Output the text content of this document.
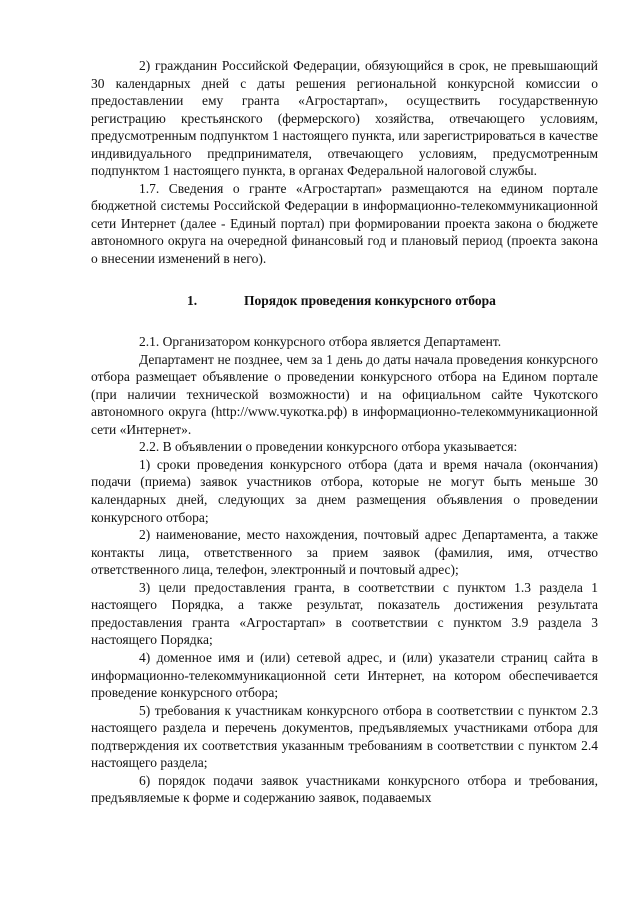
2) гражданин Российской Федерации, обязующийся в срок, не превышающий 30 календарных дней с даты решения региональной конкурсной комиссии о предоставлении ему гранта «Агростартап», осуществить государственную регистрацию крестьянского (фермерского) хозяйства, отвечающего условиям, предусмотренным подпунктом 1 настоящего пункта, или зарегистрироваться в качестве индивидуального предпринимателя, отвечающего условиям, предусмотренным подпунктом 1 настоящего пункта, в органах Федеральной налоговой службы.

1.7. Сведения о гранте «Агростартап» размещаются на едином портале бюджетной системы Российской Федерации в информационно-телекоммуникационной сети Интернет (далее - Единый портал) при формировании проекта закона о бюджете автономного округа на очередной финансовый год и плановый период (проекта закона о внесении изменений в него).

1.	Порядок проведения конкурсного отбора

2.1. Организатором конкурсного отбора является Департамент.

Департамент не позднее, чем за 1 день до даты начала проведения конкурсного отбора размещает объявление о проведении конкурсного отбора на Едином портале (при наличии технической возможности) и на официальном сайте Чукотского автономного округа (http://www.чукотка.рф) в информационно-телекоммуникационной сети «Интернет».

2.2. В объявлении о проведении конкурсного отбора указывается:

1) сроки проведения конкурсного отбора (дата и время начала (окончания) подачи (приема) заявок участников отбора, которые не могут быть меньше 30 календарных дней, следующих за днем размещения объявления о проведении конкурсного отбора;

2) наименование, место нахождения, почтовый адрес Департамента, а также контакты лица, ответственного за прием заявок (фамилия, имя, отчество ответственного лица, телефон, электронный и почтовый адрес);

3) цели предоставления гранта, в соответствии с пунктом 1.3 раздела 1 настоящего Порядка, а также результат, показатель достижения результата предоставления гранта «Агростартап» в соответствии с пунктом 3.9 раздела 3 настоящего Порядка;

4) доменное имя и (или) сетевой адрес, и (или) указатели страниц сайта в информационно-телекоммуникационной сети Интернет, на котором обеспечивается проведение конкурсного отбора;

5) требования к участникам конкурсного отбора в соответствии с пунктом 2.3 настоящего раздела и перечень документов, предъявляемых участниками отбора для подтверждения их соответствия указанным требованиям в соответствии с пунктом 2.4 настоящего раздела;

6) порядок подачи заявок участниками конкурсного отбора и требования, предъявляемые к форме и содержанию заявок, подаваемых
